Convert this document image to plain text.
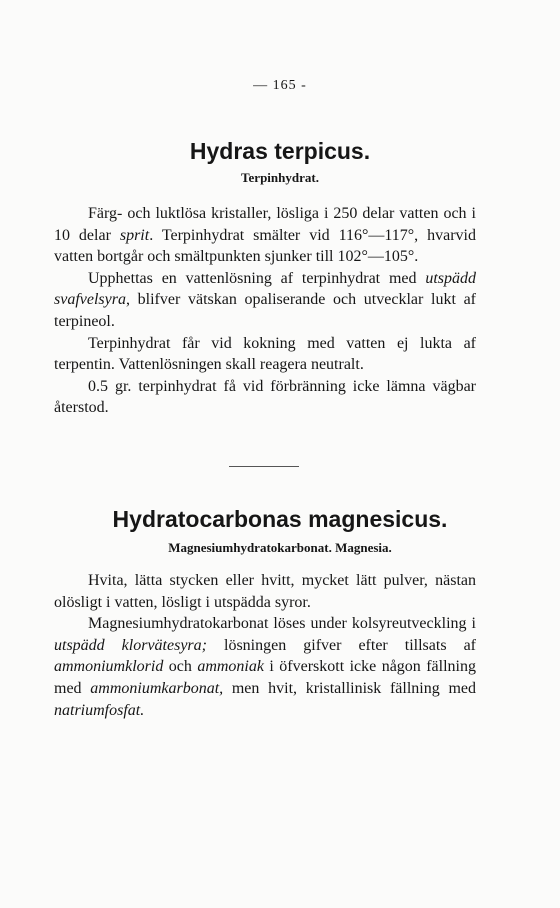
— 165 -
Hydras terpicus.
Terpinhydrat.

Färg- och luktlösa kristaller, lösliga i 250 delar vatten och i 10 delar sprit. Terpinhydrat smälter vid 116°—117°, hvarvid vatten bortgår och smältpunkten sjunker till 102°—105°.

Upphettas en vattenlösning af terpinhydrat med utspädd svafvelsyra, blifver vätskan opaliserande och utvecklar lukt af terpineol.

Terpinhydrat får vid kokning med vatten ej lukta af terpentin. Vattenlösningen skall reagera neutralt.

0.5 gr. terpinhydrat få vid förbränning icke lämna vägbar återstod.

Hydratocarbonas magnesicus.
Magnesiumhydratokarbonat. Magnesia.

Hvita, lätta stycken eller hvitt, mycket lätt pulver, nästan olösligt i vatten, lösligt i utspädda syror.

Magnesiumhydratokarbonat löses under kolsyreutveckling i utspädd klorvätesyra; lösningen gifver efter tillsats af ammoniumklorid och ammoniak i öfverskott icke någon fällning med ammoniumkarbonat, men hvit, kristallinisk fällning med natriumfosfat.
